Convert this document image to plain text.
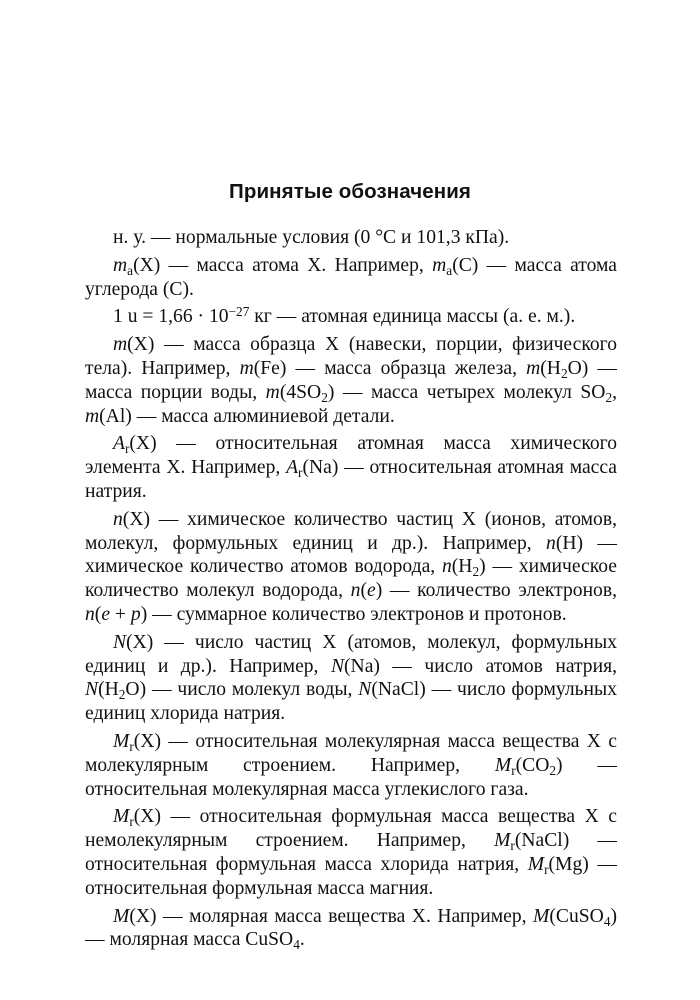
Принятые обозначения

н. у. — нормальные условия (0 °С и 101,3 кПа).

$m_а(X)$ — масса атома X. Например, $m_а(C)$ — масса атома углерода (C).

1 $u = 1,66 \cdot 10^{-27}$ кг — атомная единица массы (а. е. м.).

m(X) — масса образца X (навески, порции, физического тела). Например, m(Fe) — масса образца железа, $m(H_2O)$ — масса порции воды, $m(4SO_2)$ — масса четырех молекул $SO_2$, m(Al) — масса алюминиевой детали.

$A_r(X)$ — относительная атомная масса химического элемента X. Например, $A_r(Na)$ — относительная атомная масса натрия.

n(X) — химическое количество частиц X (ионов, атомов, молекул, формульных единиц и др.). Например, n(H) — химическое количество атомов водорода, $n(H_2)$ — химическое количество молекул водорода, n(e) — количество электронов, n(e + p) — суммарное количество электронов и протонов.

N(X) — число частиц X (атомов, молекул, формульных единиц и др.). Например, N(Na) — число атомов натрия, $N(H_2O)$ — число молекул воды, N(NaCl) — число формульных единиц хлорида натрия.

$M_r(X)$ — относительная молекулярная масса вещества X с молекулярным строением. Например, $M_r(CO_2)$ — относительная молекулярная масса углекислого газа.

$M_r(X)$ — относительная формульная масса вещества X с немолекулярным строением. Например, $M_r(NaCl)$ — относительная формульная масса хлорида натрия, $M_r(Mg)$ — относительная формульная масса магния.

M(X) — молярная масса вещества X. Например, M(CuSO$_4$) — молярная масса CuSO$_4$.
